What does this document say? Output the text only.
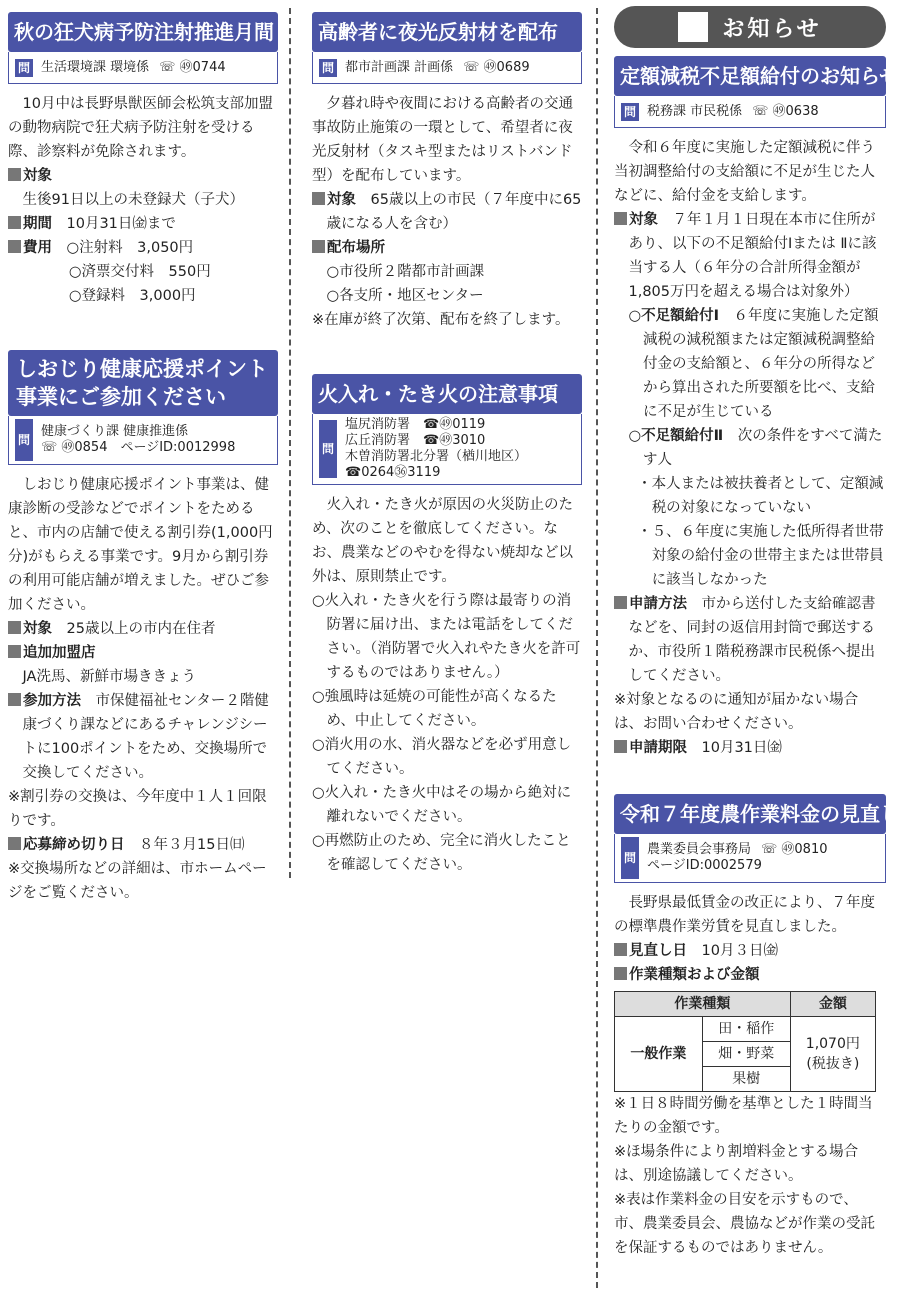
秋の狂犬病予防注射推進月間
問 生活環境課 環境係 ☏ ㊾0744

10月中は長野県獣医師会松筑支部加盟の動物病院で狂犬病予防注射を受ける際、診察料が免除されます。

対象

生後91日以上の未登録犬（子犬）

期間　 10月31日㈮まで

費用　 ○注射料　3,050円

○済票交付料　550円

○登録料　3,000円

しおじり健康応援ポイント事業にご参加ください
問
健康づくり課 健康推進係
☏ ㊾0854　ページID:0012998

しおじり健康応援ポイント事業は、健康診断の受診などでポイントをためると、市内の店舗で使える割引券(1,000円分)がもらえる事業です。9月から割引券の利用可能店舗が増えました。ぜひご参加ください。

対象　 25歳以上の市内在住者

追加加盟店

JA洗馬、新鮮市場ききょう

参加方法　 市保健福祉センター２階健康づくり課などにあるチャレンジシートに100ポイントをため、交換場所で交換してください。

※割引券の交換は、今年度中１人１回限りです。

応募締め切り日　 ８年３月15日㈰

※交換場所などの詳細は、市ホームページをご覧ください。

高齢者に夜光反射材を配布
問 都市計画課 計画係 ☏ ㊾0689

夕暮れ時や夜間における高齢者の交通事故防止施策の一環として、希望者に夜光反射材（タスキ型またはリストバンド型）を配布しています。

対象　 65歳以上の市民（７年度中に65歳になる人を含む）

配布場所

○市役所２階都市計画課

○各支所・地区センター

※在庫が終了次第、配布を終了します。

火入れ・たき火の注意事項
問
塩尻消防署　☎㊾0119
広丘消防署　☎㊾3010
木曽消防署北分署（楢川地区）
☎0264㊱3119

火入れ・たき火が原因の火災防止のため、次のことを徹底してください。なお、農業などのやむを得ない焼却など以外は、原則禁止です。

○火入れ・たき火を行う際は最寄りの消防署に届け出、または電話をしてください。（消防署で火入れやたき火を許可するものではありません。）

○強風時は延焼の可能性が高くなるため、中止してください。

○消火用の水、消火器などを必ず用意してください。

○火入れ・たき火中はその場から絶対に離れないでください。

○再燃防止のため、完全に消火したことを確認してください。

お知らせ
定額減税不足額給付のお知らせ
問 税務課 市民税係 ☏ ㊾0638

令和６年度に実施した定額減税に伴う当初調整給付の支給額に不足が生じた人などに、給付金を支給します。

対象　 ７年１月１日現在本市に住所があり、以下の不足額給付Ⅰまたは Ⅱに該当する人（６年分の合計所得金額が1,805万円を超える場合は対象外）

○不足額給付Ⅰ　 ６年度に実施した定額減税の減税額または定額減税調整給付金の支給額と、６年分の所得などから算出された所要額を比べ、支給に不足が生じている

○不足額給付Ⅱ　 次の条件をすべて満たす人

・本人または被扶養者として、定額減税の対象になっていない

・５、６年度に実施した低所得者世帯対象の給付金の世帯主または世帯員に該当しなかった

申請方法　 市から送付した支給確認書などを、同封の返信用封筒で郵送するか、市役所１階税務課市民税係へ提出してください。

※対象となるのに通知が届かない場合は、お問い合わせください。

申請期限　 10月31日㈮

令和７年度農作業料金の見直し
問
農業委員会事務局 ☏ ㊾0810
ページID:0002579

長野県最低賃金の改正により、７年度の標準農作業労賃を見直しました。

見直し日　 10月３日㈮

作業種類および金額

作業種類		金額
一般作業	田・稲作	1,070円
(税抜き)

	畑・野菜	
	果樹	

※１日８時間労働を基準とした１時間当たりの金額です。

※ほ場条件により割増料金とする場合は、別途協議してください。

※表は作業料金の目安を示すもので、市、農業委員会、農協などが作業の受託を保証するものではありません。
